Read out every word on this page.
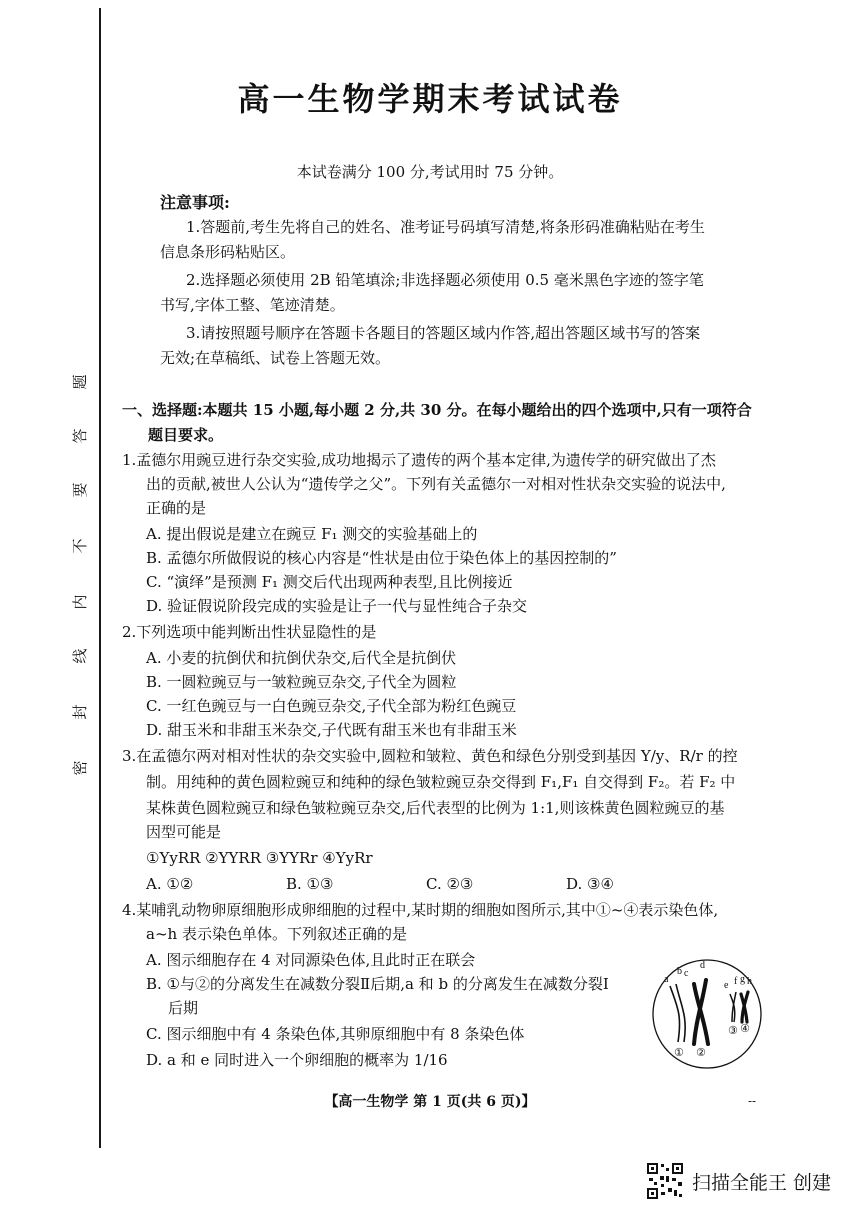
密
封
线
内
不
要
答
题
高一生物学期末考试试卷
本试卷满分 100 分,考试用时 75 分钟。
注意事项:
1.答题前,考生先将自己的姓名、准考证号码填写清楚,将条形码准确粘贴在考生
信息条形码粘贴区。
2.选择题必须使用 2B 铅笔填涂;非选择题必须使用 0.5 毫米黑色字迹的签字笔
书写,字体工整、笔迹清楚。
3.请按照题号顺序在答题卡各题目的答题区域内作答,超出答题区域书写的答案
无效;在草稿纸、试卷上答题无效。
一、选择题:本题共 15 小题,每小题 2 分,共 30 分。在每小题给出的四个选项中,只有一项符合
题目要求。
1.孟德尔用豌豆进行杂交实验,成功地揭示了遗传的两个基本定律,为遗传学的研究做出了杰
出的贡献,被世人公认为“遗传学之父”。下列有关孟德尔一对相对性状杂交实验的说法中,
正确的是
A. 提出假说是建立在豌豆 F₁ 测交的实验基础上的
B. 孟德尔所做假说的核心内容是“性状是由位于染色体上的基因控制的”
C. “演绎”是预测 F₁ 测交后代出现两种表型,且比例接近
D. 验证假说阶段完成的实验是让子一代与显性纯合子杂交
2.下列选项中能判断出性状显隐性的是
A. 小麦的抗倒伏和抗倒伏杂交,后代全是抗倒伏
B. 一圆粒豌豆与一皱粒豌豆杂交,子代全为圆粒
C. 一红色豌豆与一白色豌豆杂交,子代全部为粉红色豌豆
D. 甜玉米和非甜玉米杂交,子代既有甜玉米也有非甜玉米
3.在孟德尔两对相对性状的杂交实验中,圆粒和皱粒、黄色和绿色分别受到基因 Y/y、R/r 的控
制。用纯种的黄色圆粒豌豆和纯种的绿色皱粒豌豆杂交得到 F₁,F₁ 自交得到 F₂。若 F₂ 中
某株黄色圆粒豌豆和绿色皱粒豌豆杂交,后代表型的比例为 1:1,则该株黄色圆粒豌豆的基
因型可能是
①YyRR ②YYRR ③YYRr ④YyRr
A. ①②	B. ①③	C. ②③	D. ③④
4.某哺乳动物卵原细胞形成卵细胞的过程中,某时期的细胞如图所示,其中①~④表示染色体,
a~h 表示染色单体。下列叙述正确的是
A. 图示细胞存在 4 对同源染色体,且此时正在联会
B. ①与②的分离发生在减数分裂Ⅱ后期,a 和 b 的分离发生在减数分裂Ⅰ
后期
C. 图示细胞中有 4 条染色体,其卵原细胞中有 8 条染色体
D. a 和 e 同时进入一个卵细胞的概率为 1/16
a
b c
d
e f g h
① ②
③ ④
【高一生物学 第 1 页(共 6 页)】	--
扫描全能王 创建
